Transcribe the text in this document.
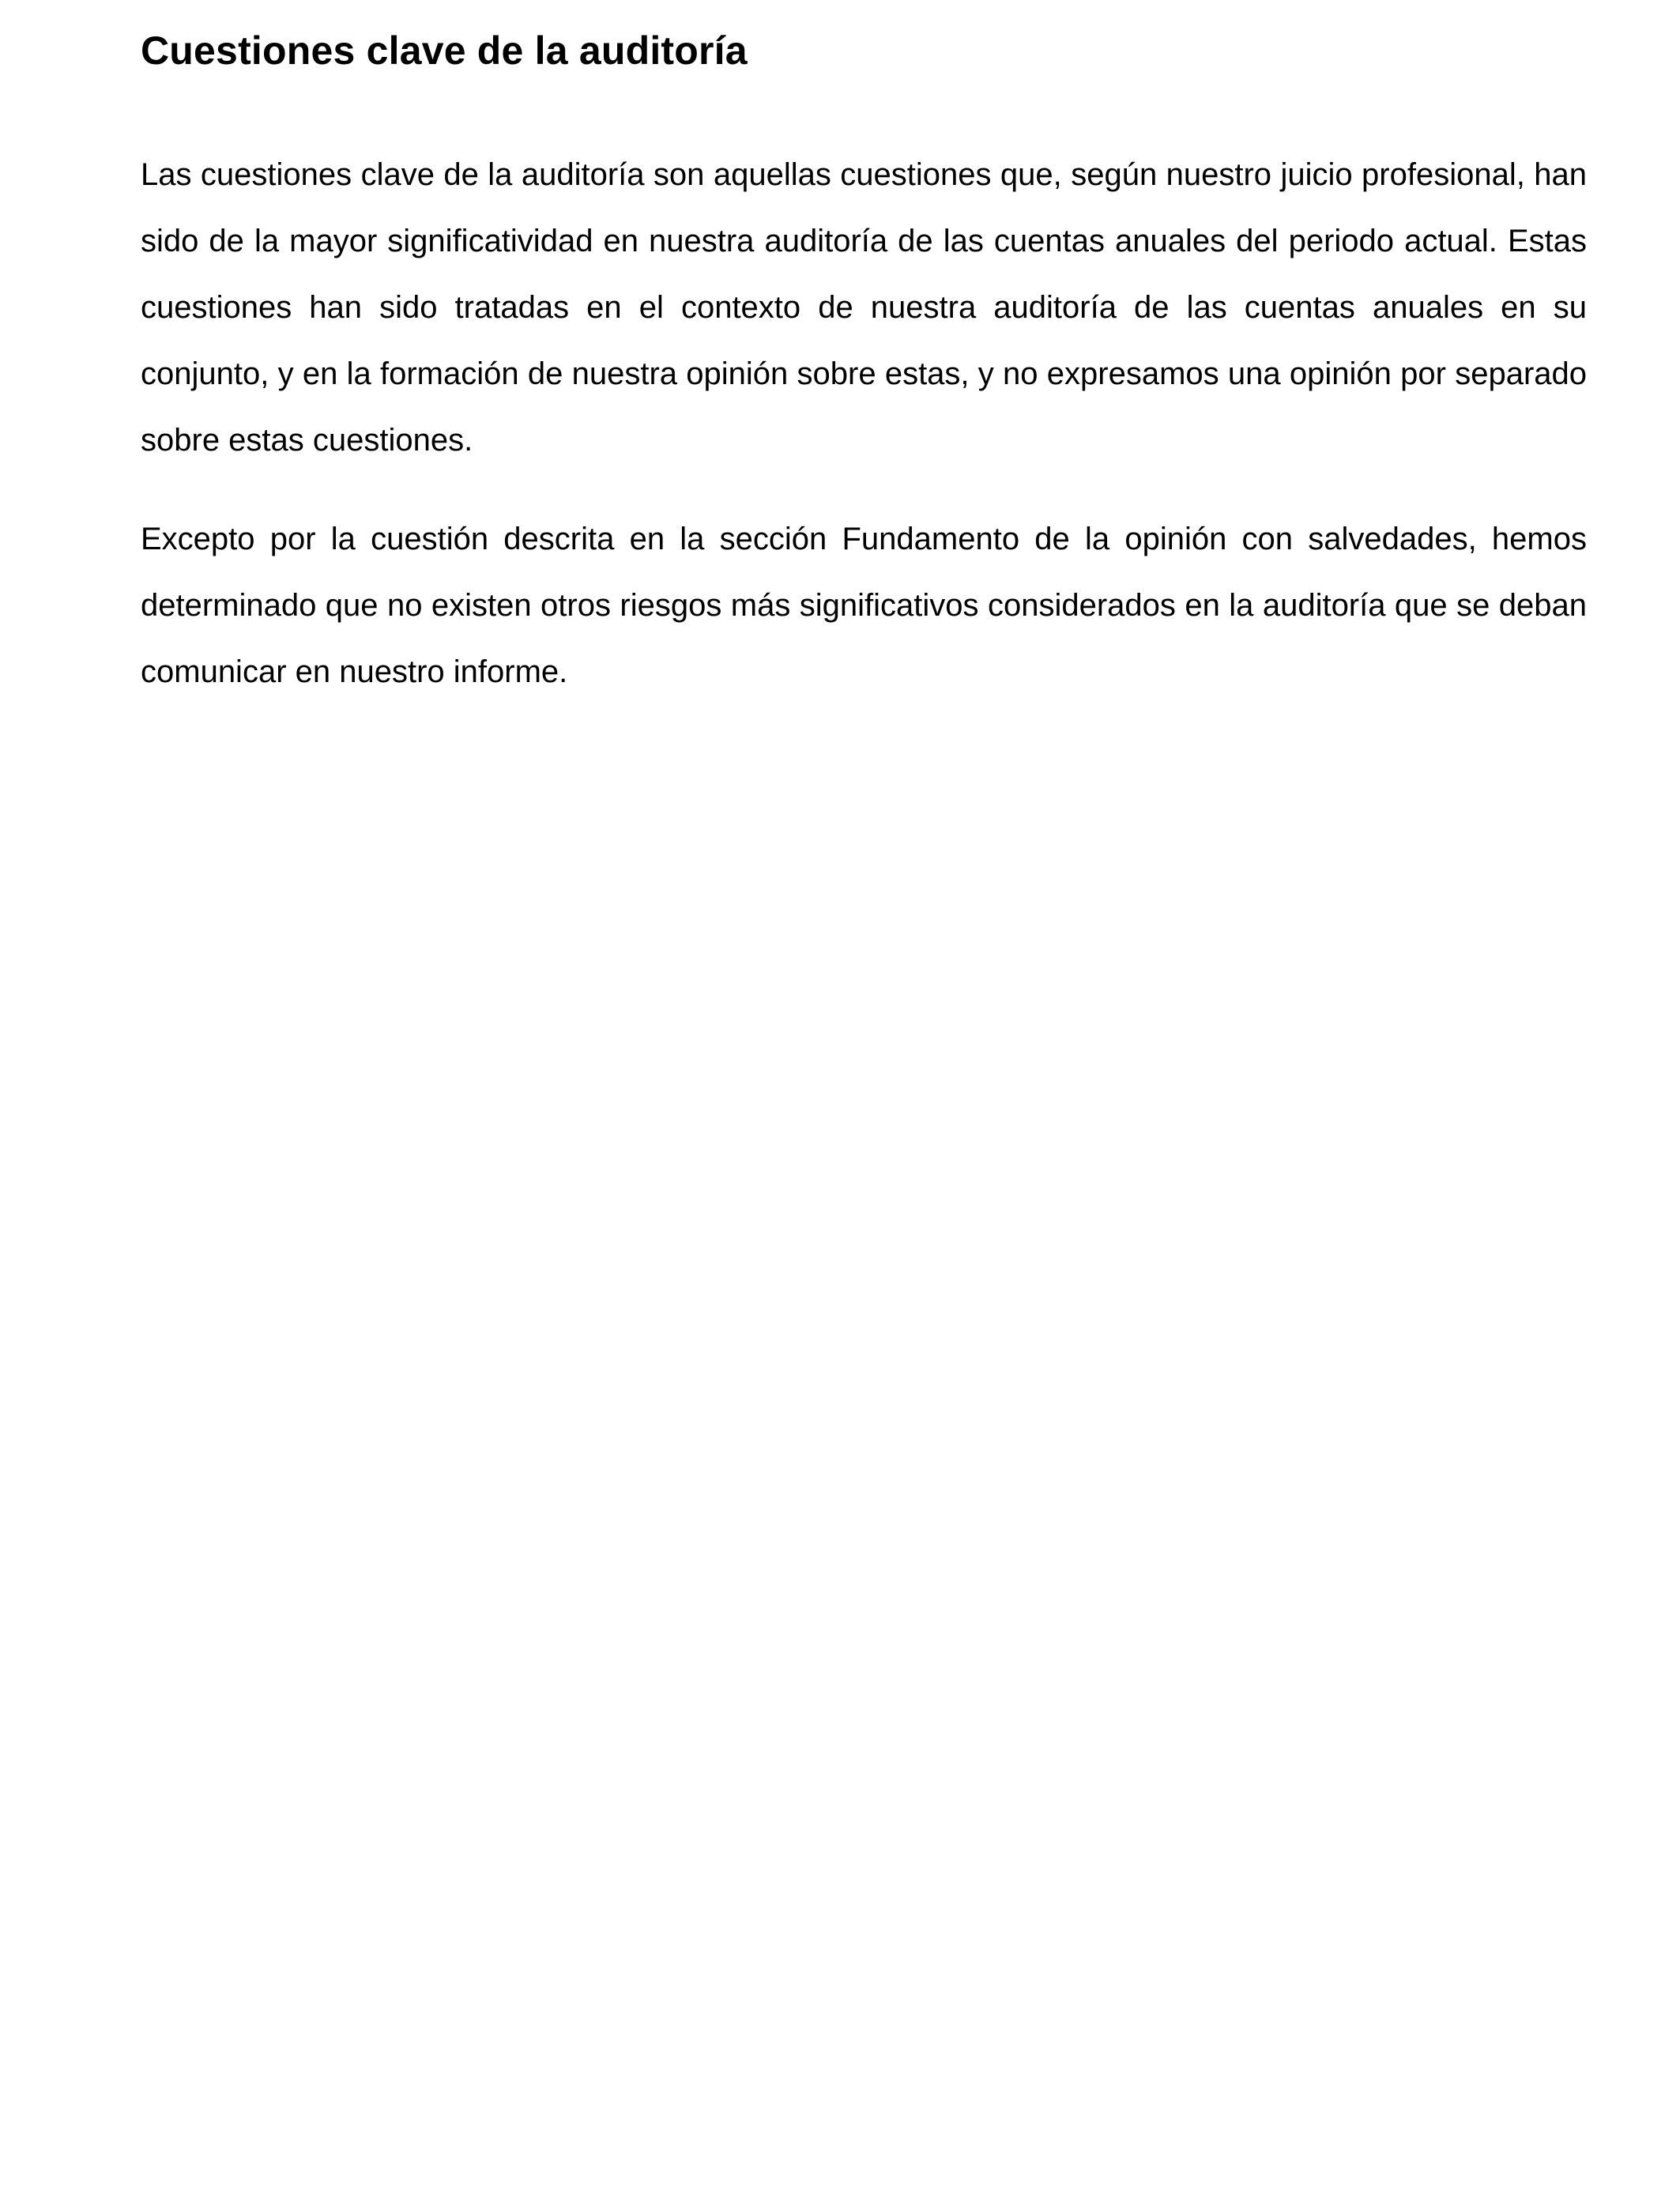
Cuestiones clave de la auditoría

Las cuestiones clave de la auditoría son aquellas cuestiones que, según nuestro juicio profesional, han sido de la mayor significatividad en nuestra auditoría de las cuentas anuales del periodo actual. Estas cuestiones han sido tratadas en el contexto de nuestra auditoría de las cuentas anuales en su conjunto, y en la formación de nuestra opinión sobre estas, y no expresamos una opinión por separado sobre estas cuestiones.

Excepto por la cuestión descrita en la sección Fundamento de la opinión con salvedades, hemos determinado que no existen otros riesgos más significativos considerados en la auditoría que se deban comunicar en nuestro informe.
